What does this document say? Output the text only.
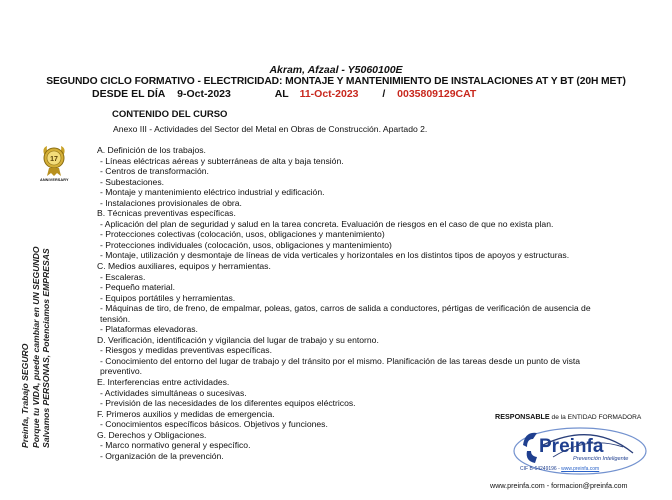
Akram, Afzaal - Y5060100E
SEGUNDO CICLO FORMATIVO - ELECTRICIDAD: MONTAJE Y MANTENIMIENTO DE INSTALACIONES AT Y BT (20H MET)
DESDE EL DÍA 9-Oct-2023	AL 11-Oct-2023 / 0035809129CAT
CONTENIDO DEL CURSO
Anexo III - Actividades del Sector del Metal en Obras de Construcción. Apartado 2.
A. Definición de los trabajos.
- Líneas eléctricas aéreas y subterráneas de alta y baja tensión.
- Centros de transformación.
- Subestaciones.
- Montaje y mantenimiento eléctrico industrial y edificación.
- Instalaciones provisionales de obra.
B. Técnicas preventivas específicas.
- Aplicación del plan de seguridad y salud en la tarea concreta. Evaluación de riesgos en el caso de que no exista plan.
- Protecciones colectivas (colocación, usos, obligaciones y mantenimiento)
- Protecciones individuales (colocación, usos, obligaciones y mantenimiento)
- Montaje, utilización y desmontaje de líneas de vida verticales y horizontales en los distintos tipos de apoyos y estructuras.
C. Medios auxiliares, equipos y herramientas.
- Escaleras.
- Pequeño material.
- Equipos portátiles y herramientas.
- Máquinas de tiro, de freno, de empalmar, poleas, gatos, carros de salida a conductores, pértigas de verificación de ausencia de
tensión.
- Plataformas elevadoras.
D. Verificación, identificación y vigilancia del lugar de trabajo y su entorno.
- Riesgos y medidas preventivas específicas.
- Conocimiento del entorno del lugar de trabajo y del tránsito por el mismo. Planificación de las tareas desde un punto de vista
preventivo.
E. Interferencias entre actividades.
- Actividades simultáneas o sucesivas.
- Previsión de las necesidades de los diferentes equipos eléctricos.
F. Primeros auxilios y medidas de emergencia.
- Conocimientos específicos básicos. Objetivos y funciones.
G. Derechos y Obligaciones.
- Marco normativo general y específico.
- Organización de la prevención.
17
ANNIVERSARY
Preinfa, Trabajo SEGURO Porque tu VIDA, puede cambiar en UN SEGUNDO Salvamos PERSONAS, Potenciamos EMPRESAS	RESPONSABLE de la ENTIDAD FORMADORA
Preinfa
Prevención Inteligente
CIF B-64249196 - www.preinfa.com
www.preinfa.com - formacion@preinfa.com
